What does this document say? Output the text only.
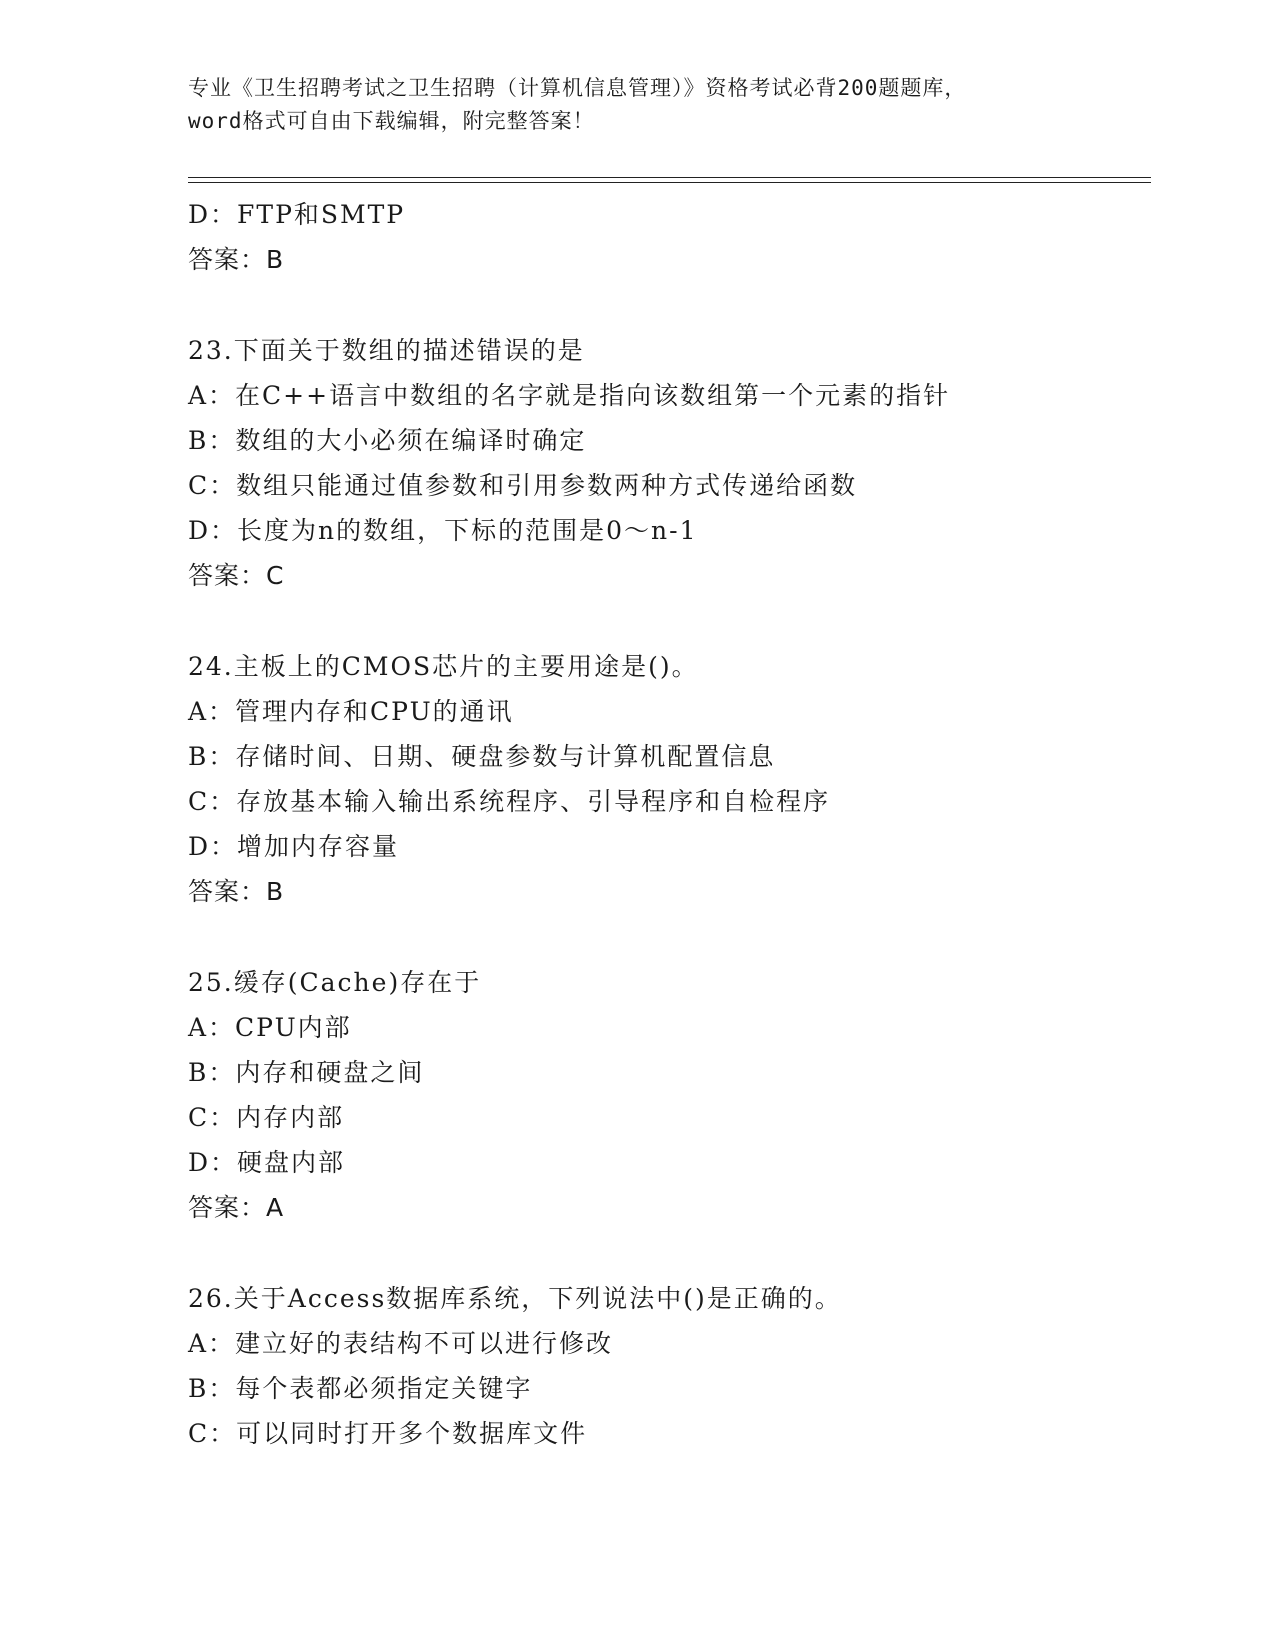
专业《卫生招聘考试之卫生招聘（计算机信息管理）》资格考试必背200题题库，
word格式可自由下载编辑，附完整答案！
D：FTP和SMTP
答案：B
23.下面关于数组的描述错误的是
A：在C++语言中数组的名字就是指向该数组第一个元素的指针
B：数组的大小必须在编译时确定
C：数组只能通过值参数和引用参数两种方式传递给函数
D：长度为n的数组，下标的范围是0～n-1
答案：C
24.主板上的CMOS芯片的主要用途是()。
A：管理内存和CPU的通讯
B：存储时间、日期、硬盘参数与计算机配置信息
C：存放基本输入输出系统程序、引导程序和自检程序
D：增加内存容量
答案：B
25.缓存(Cache)存在于
A：CPU内部
B：内存和硬盘之间
C：内存内部
D：硬盘内部
答案：A
26.关于Access数据库系统，下列说法中()是正确的。
A：建立好的表结构不可以进行修改
B：每个表都必须指定关键字
C：可以同时打开多个数据库文件
